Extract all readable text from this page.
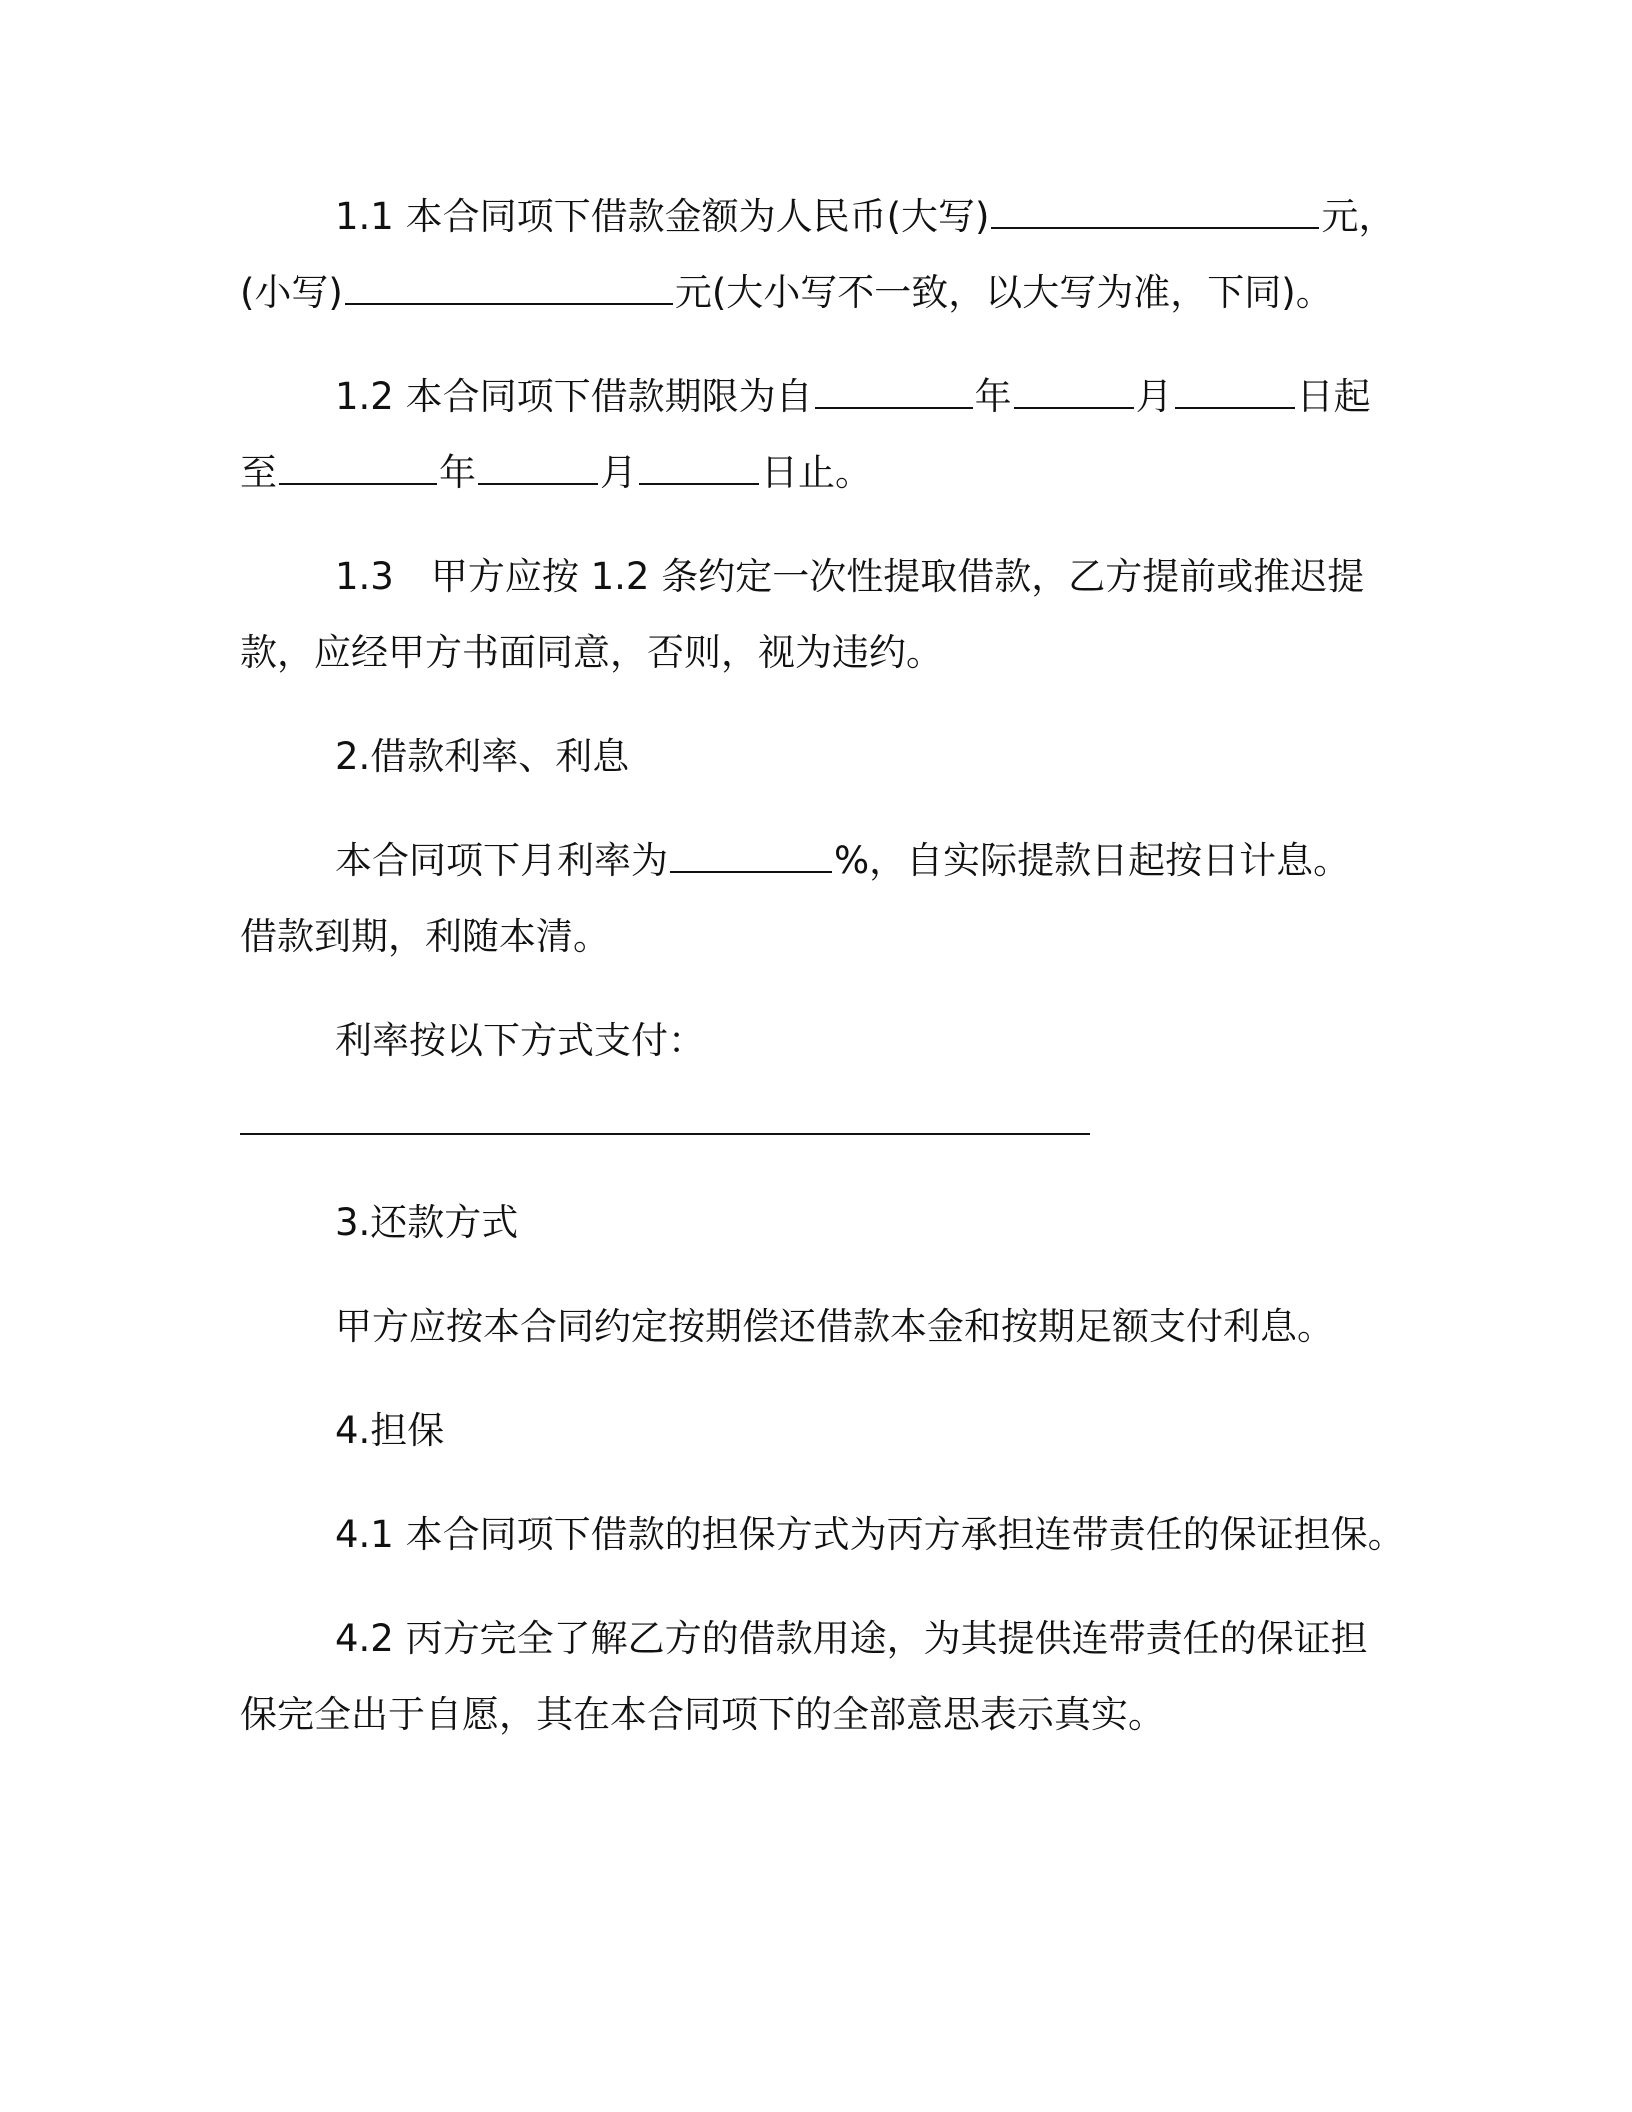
1.1 本合同项下借款金额为人民币(大写)	元，
(小写)	元(大小写不一致，以大写为准，下同)。
1.2 本合同项下借款期限为自	年	月	日起
至	年	月	日止。
1.3　甲方应按 1.2 条约定一次性提取借款，乙方提前或推迟提
款，应经甲方书面同意，否则，视为违约。
2.借款利率、利息
本合同项下月利率为	%，自实际提款日起按日计息。
借款到期，利随本清。
利率按以下方式支付：
3.还款方式
甲方应按本合同约定按期偿还借款本金和按期足额支付利息。
4.担保
4.1 本合同项下借款的担保方式为丙方承担连带责任的保证担保。
4.2 丙方完全了解乙方的借款用途，为其提供连带责任的保证担
保完全出于自愿，其在本合同项下的全部意思表示真实。
